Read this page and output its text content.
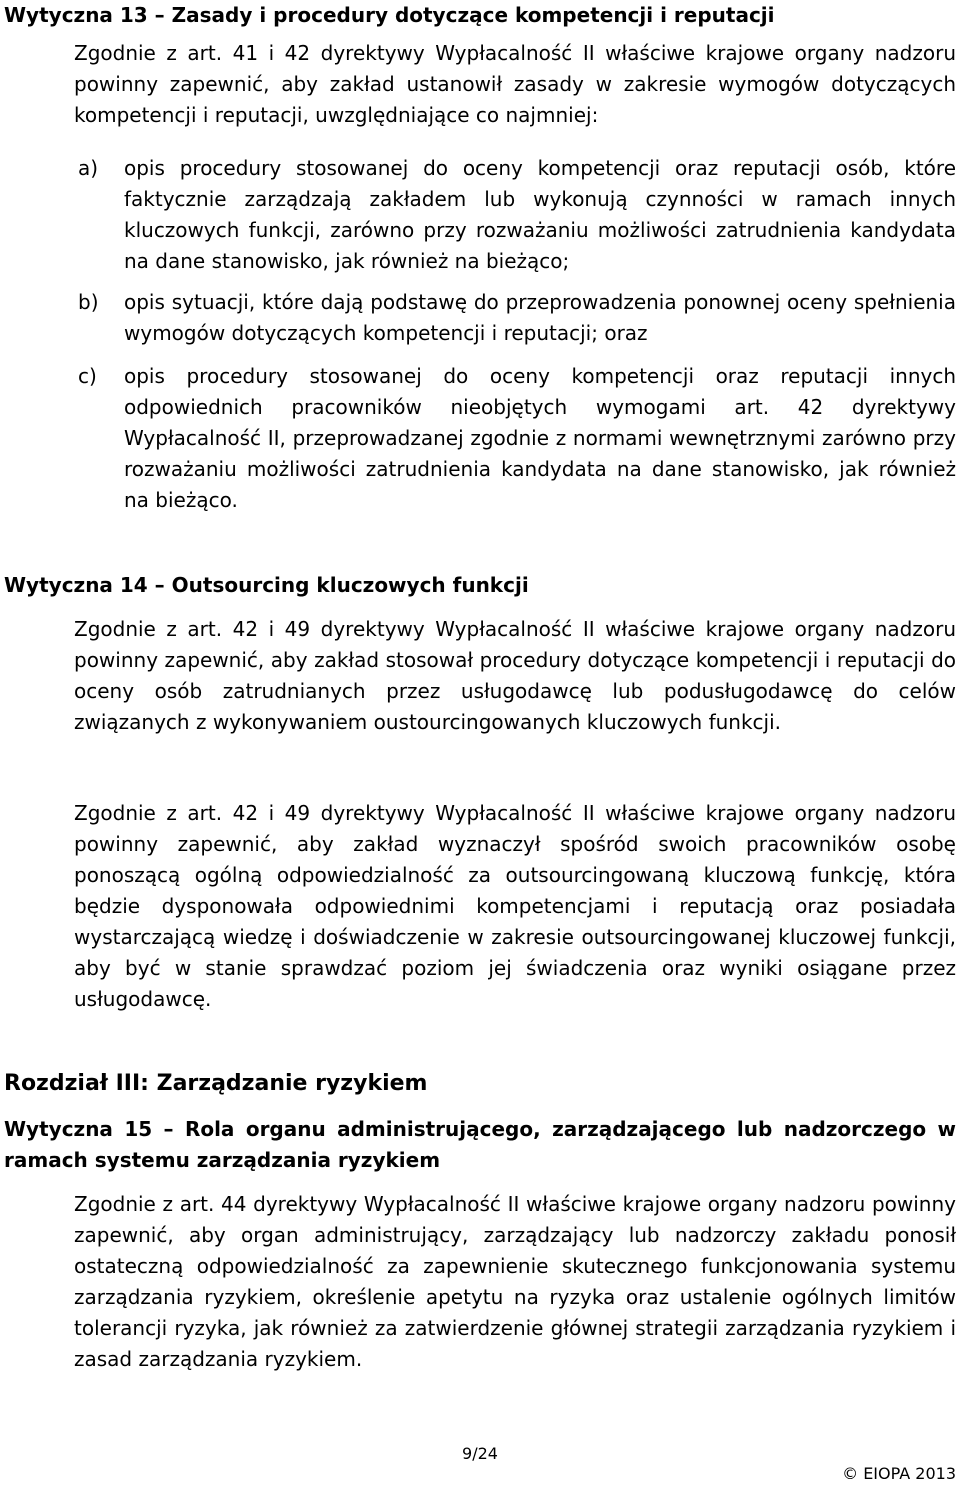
Wytyczna 13 – Zasady i procedury dotyczące kompetencji i reputacji
Zgodnie z art. 41 i 42 dyrektywy Wypłacalność II właściwe krajowe organy nadzoru powinny zapewnić, aby zakład ustanowił zasady w zakresie wymogów dotyczących kompetencji i reputacji, uwzględniające co najmniej:
a) opis procedury stosowanej do oceny kompetencji oraz reputacji osób, które faktycznie zarządzają zakładem lub wykonują czynności w ramach innych kluczowych funkcji, zarówno przy rozważaniu możliwości zatrudnienia kandydata na dane stanowisko, jak również na bieżąco;
b) opis sytuacji, które dają podstawę do przeprowadzenia ponownej oceny spełnienia wymogów dotyczących kompetencji i reputacji; oraz
c) opis procedury stosowanej do oceny kompetencji oraz reputacji innych odpowiednich pracowników nieobjętych wymogami art. 42 dyrektywy Wypłacalność II, przeprowadzanej zgodnie z normami wewnętrznymi zarówno przy rozważaniu możliwości zatrudnienia kandydata na dane stanowisko, jak również na bieżąco.
Wytyczna 14 – Outsourcing kluczowych funkcji
Zgodnie z art. 42 i 49 dyrektywy Wypłacalność II właściwe krajowe organy nadzoru powinny zapewnić, aby zakład stosował procedury dotyczące kompetencji i reputacji do oceny osób zatrudnianych przez usługodawcę lub podusługodawcę do celów związanych z wykonywaniem oustourcingowanych kluczowych funkcji.
Zgodnie z art. 42 i 49 dyrektywy Wypłacalność II właściwe krajowe organy nadzoru powinny zapewnić, aby zakład wyznaczył spośród swoich pracowników osobę ponoszącą ogólną odpowiedzialność za outsourcingowaną kluczową funkcję, która będzie dysponowała odpowiednimi kompetencjami i reputacją oraz posiadała wystarczającą wiedzę i doświadczenie w zakresie outsourcingowanej kluczowej funkcji, aby być w stanie sprawdzać poziom jej świadczenia oraz wyniki osiągane przez usługodawcę.
Rozdział III: Zarządzanie ryzykiem
Wytyczna 15 – Rola organu administrującego, zarządzającego lub nadzorczego w ramach systemu zarządzania ryzykiem
Zgodnie z art. 44 dyrektywy Wypłacalność II właściwe krajowe organy nadzoru powinny zapewnić, aby organ administrujący, zarządzający lub nadzorczy zakładu ponosił ostateczną odpowiedzialność za zapewnienie skutecznego funkcjonowania systemu zarządzania ryzykiem, określenie apetytu na ryzyka oraz ustalenie ogólnych limitów tolerancji ryzyka, jak również za zatwierdzenie głównej strategii zarządzania ryzykiem i zasad zarządzania ryzykiem.
9/24
© EIOPA 2013
